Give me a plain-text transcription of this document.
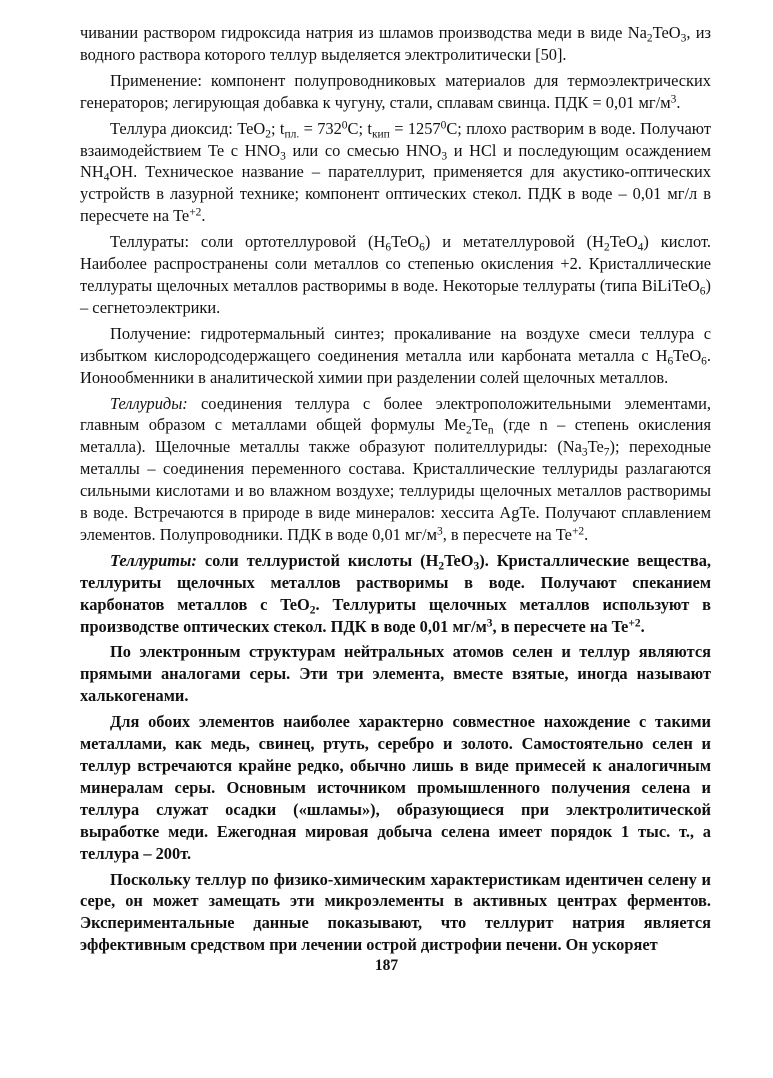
чивании раствором гидроксида натрия из шламов производства меди в виде $Na_2TeO_3$, из водного раствора которого теллур выделяется электролитически [50].

Применение: компонент полупроводниковых материалов для термоэлектрических генераторов; легирующая добавка к чугуну, стали, сплавам свинца. ПДК = 0,01 $мг/м^3$.

Теллура диоксид: TeO$_2$; $t_{пл.} = 732^0C$; $t_{кип} = 1257^0C$; плохо растворим в воде. Получают взаимодействием Te с $HNO_3$ или со смесью $HNO_3$ и HCl и последующим осаждением $NH_4OH$. Техническое название – парателлурит, применяется для акустико-оптических устройств в лазурной технике; компонент оптических стекол. ПДК в воде – 0,01 мг/л в пересчете на $Te^{+2}$.

Теллураты: соли ортотеллуровой $(H_6TeO_6)$ и метателлуровой $(H_2TeO_4)$ кислот. Наиболее распространены соли металлов со степенью окисления +2. Кристаллические теллураты щелочных металлов растворимы в воде. Некоторые теллураты (типа BiLiTeO$_6$) – сегнетоэлектрики.

Получение: гидротермальный синтез; прокаливание на воздухе смеси теллура с избытком кислородсодержащего соединения металла или карбоната металла с $H_6TeO_6$. Ионообменники в аналитической химии при разделении солей щелочных металлов.

Теллуриды: соединения теллура с более электроположительными элементами, главным образом с металлами общей формулы $Me_2Te_n$ (где n – степень окисления металла). Щелочные металлы также образуют полителлуриды: $(Na_3Te_7)$; переходные металлы – соединения переменного состава. Кристаллические теллуриды разлагаются сильными кислотами и во влажном воздухе; теллуриды щелочных металлов растворимы в воде. Встречаются в природе в виде минералов: хессита AgTe. Получают сплавлением элементов. Полупроводники. ПДК в воде 0,01 $мг/м^3$, в пересчете на $Te^{+2}$.

Теллуриты: соли теллуристой кислоты $(H_2TeO_3)$. Кристаллические вещества, теллуриты щелочных металлов растворимы в воде. Получают спеканием карбонатов металлов с TeO$_2$. Теллуриты щелочных металлов используют в производстве оптических стекол. ПДК в воде 0,01 $мг/м^3$, в пересчете на $Te^{+2}$.

По электронным структурам нейтральных атомов селен и теллур являются прямыми аналогами серы. Эти три элемента, вместе взятые, иногда называют халькогенами.

Для обоих элементов наиболее характерно совместное нахождение с такими металлами, как медь, свинец, ртуть, серебро и золото. Самостоятельно селен и теллур встречаются крайне редко, обычно лишь в виде примесей к аналогичным минералам серы. Основным источником промышленного получения селена и теллура служат осадки («шламы»), образующиеся при электролитической выработке меди. Ежегодная мировая добыча селена имеет порядок 1 тыс. т., а теллура – 200т.

Поскольку теллур по физико-химическим характеристикам идентичен селену и сере, он может замещать эти микроэлементы в активных центрах ферментов. Экспериментальные данные показывают, что теллурит натрия является эффективным средством при лечении острой дистрофии печени. Он ускоряет

187
